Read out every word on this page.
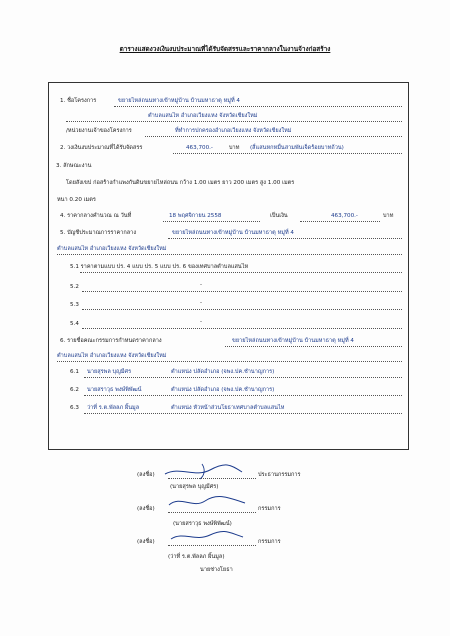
ตารางแสดงวงเงินงบประมาณที่ได้รับจัดสรรและราคากลางในงานจ้างก่อสร้าง
1. ชื่อโครงการ	ขยายไหล่ถนนทางเข้าหมู่บ้าน บ้านมหาธาตุ หมู่ที่ 4
ตำบลแสนไห อำเภอเวียงแหง จังหวัดเชียงใหม่
/หน่วยงานเจ้าของโครงการ	ที่ทำการปกครองอำเภอเวียงแหง จังหวัดเชียงใหม่
2. วงเงินงบประมาณที่ได้รับจัดสรร	463,700.-	บาท (สี่แสนหกหมื่นสามพันเจ็ดร้อยบาทถ้วน)
3. ลักษณะงาน
โดยสังเขป ก่อสร้างกำแพงกันดินขยายไหล่ถนน กว้าง 1.00 เมตร ยาว 200 เมตร สูง 1.00 เมตร
หนา 0.20 เมตร
4. ราคากลางคำนวณ ณ วันที่	18 พฤศจิกายน 2558	เป็นเงิน	463,700.-	บาท
5. บัญชีประมาณการราคากลาง	ขยายไหล่ถนนทางเข้าหมู่บ้าน บ้านมหาธาตุ หมู่ที่ 4
ตำบลแสนไห อำเภอเวียงแหง จังหวัดเชียงใหม่
5.1 ราคาตามแบบ ปร. 4 แบบ ปร. 5 แบบ ปร. 6 ของเทศบาลตำบลแสนไห
5.2	-
5.3	-
5.4	-
6. รายชื่อคณะกรรมการกำหนดราคากลาง	ขยายไหล่ถนนทางเข้าหมู่บ้าน บ้านมหาธาตุ หมู่ที่ 4
ตำบลแสนไห อำเภอเวียงแหง จังหวัดเชียงใหม่
6.1 นายสุรพล บุญมีศร	ตำแหน่ง ปลัดอำเภอ (จพง.ปค.ชำนาญการ)
6.2 นายสราวุธ พงษ์พิพัฒน์	ตำแหน่ง ปลัดอำเภอ (จพง.ปค.ชำนาญการ)
6.3 ว่าที่ ร.ต.พัลลภ ผิ้นมูล	ตำแหน่ง หัวหน้าส่วนโยธาเทศบาลตำบลแสนไห
(ลงชื่อ)	ประธานกรรมการ
(นายสุรพล บุญมีศร)
(ลงชื่อ)	กรรมการ
(นายสราวุธ พงษ์พิพัฒน์)
(ลงชื่อ)	กรรมการ
(ว่าที่ ร.ต.พัลลภ ผิ้นมูล)
นายช่างโยธา
